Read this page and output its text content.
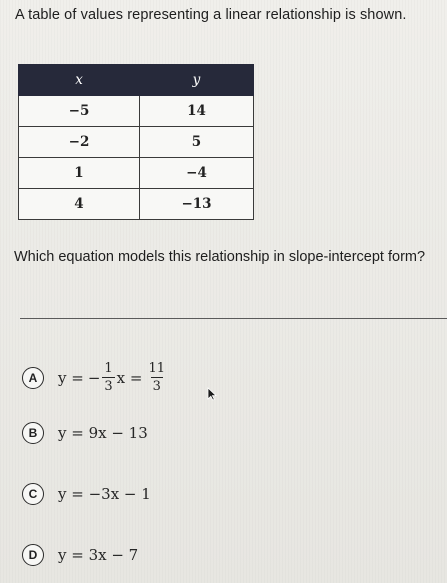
A table of values representing a linear relationship is shown.
x	y
−5	14
−2	5
1	−4
4	−13
Which equation models this relationship in slope-intercept form?
A	y = − $\frac{1}{3}$ $x = \frac{11}{3}$
B	y = 9x − 13
C	y = −3x − 1
D	y = 3x − 7
